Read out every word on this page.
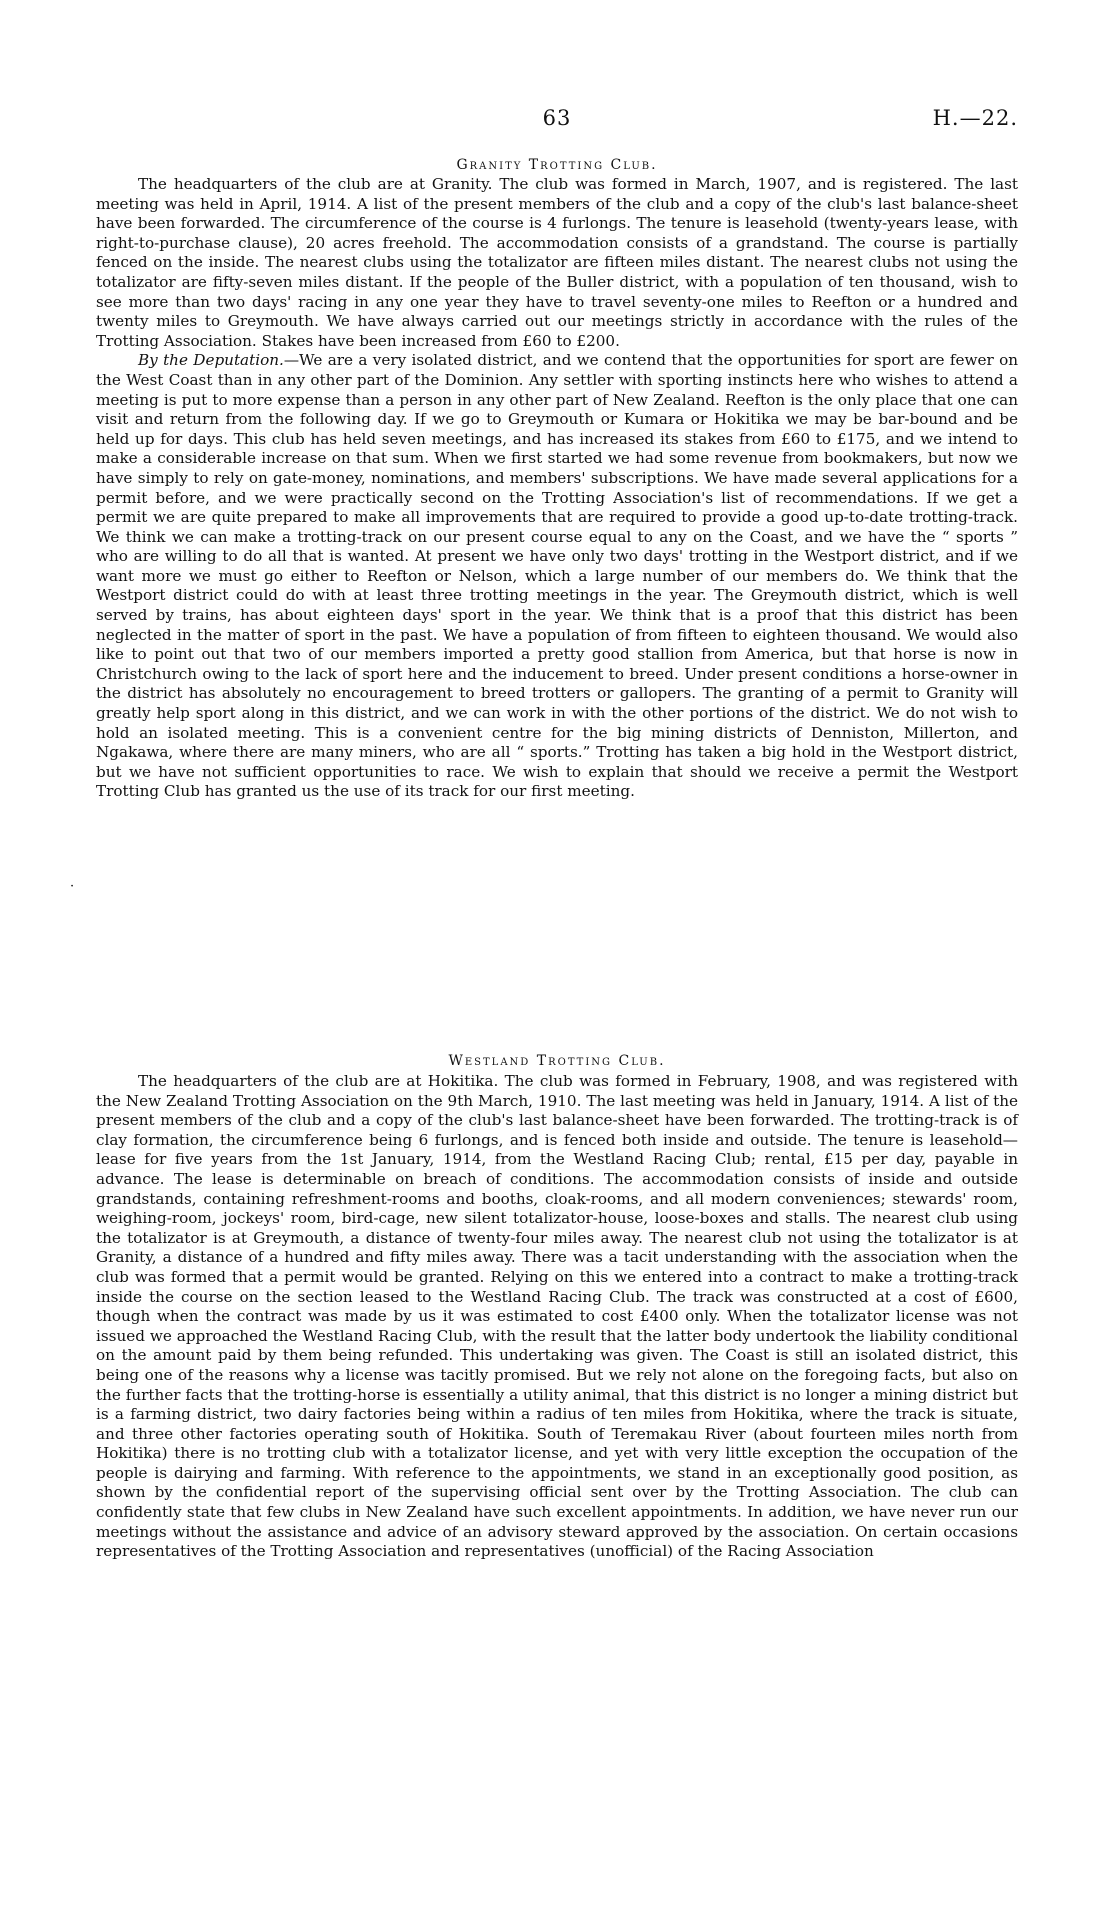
63	H.—22.
Granity Trotting Club.

The headquarters of the club are at Granity. The club was formed in March, 1907, and is registered. The last meeting was held in April, 1914. A list of the present members of the club and a copy of the club's last balance-sheet have been forwarded. The circumference of the course is 4 furlongs. The tenure is leasehold (twenty-years lease, with right-to-purchase clause), 20 acres freehold. The accommodation consists of a grandstand. The course is partially fenced on the inside. The nearest clubs using the totalizator are fifteen miles distant. The nearest clubs not using the totalizator are fifty-seven miles distant. If the people of the Buller district, with a population of ten thousand, wish to see more than two days' racing in any one year they have to travel seventy-one miles to Reefton or a hundred and twenty miles to Greymouth. We have always carried out our meetings strictly in accordance with the rules of the Trotting Association. Stakes have been increased from £60 to £200.

By the Deputation.—We are a very isolated district, and we contend that the opportunities for sport are fewer on the West Coast than in any other part of the Dominion. Any settler with sporting instincts here who wishes to attend a meeting is put to more expense than a person in any other part of New Zealand. Reefton is the only place that one can visit and return from the following day. If we go to Greymouth or Kumara or Hokitika we may be bar-bound and be held up for days. This club has held seven meetings, and has increased its stakes from £60 to £175, and we intend to make a considerable increase on that sum. When we first started we had some revenue from bookmakers, but now we have simply to rely on gate-money, nominations, and members' subscriptions. We have made several applications for a permit before, and we were practically second on the Trotting Association's list of recommendations. If we get a permit we are quite prepared to make all improvements that are required to provide a good up-to-date trotting-track. We think we can make a trotting-track on our present course equal to any on the Coast, and we have the “ sports ” who are willing to do all that is wanted. At present we have only two days' trotting in the Westport district, and if we want more we must go either to Reefton or Nelson, which a large number of our members do. We think that the Westport district could do with at least three trotting meetings in the year. The Greymouth district, which is well served by trains, has about eighteen days' sport in the year. We think that is a proof that this district has been neglected in the matter of sport in the past. We have a population of from fifteen to eighteen thousand. We would also like to point out that two of our members imported a pretty good stallion from America, but that horse is now in Christchurch owing to the lack of sport here and the inducement to breed. Under present conditions a horse-owner in the district has absolutely no encouragement to breed trotters or gallopers. The granting of a permit to Granity will greatly help sport along in this district, and we can work in with the other portions of the district. We do not wish to hold an isolated meeting. This is a convenient centre for the big mining districts of Denniston, Millerton, and Ngakawa, where there are many miners, who are all “ sports.” Trotting has taken a big hold in the Westport district, but we have not sufficient opportunities to race. We wish to explain that should we receive a permit the Westport Trotting Club has granted us the use of its track for our first meeting.

·
Westland Trotting Club.

The headquarters of the club are at Hokitika. The club was formed in February, 1908, and was registered with the New Zealand Trotting Association on the 9th March, 1910. The last meeting was held in January, 1914. A list of the present members of the club and a copy of the club's last balance-sheet have been forwarded. The trotting-track is of clay formation, the circumference being 6 furlongs, and is fenced both inside and outside. The tenure is leasehold—lease for five years from the 1st January, 1914, from the Westland Racing Club; rental, £15 per day, payable in advance. The lease is determinable on breach of conditions. The accommodation consists of inside and outside grandstands, containing refreshment-rooms and booths, cloak-rooms, and all modern conveniences; stewards' room, weighing-room, jockeys' room, bird-cage, new silent totalizator-house, loose-boxes and stalls. The nearest club using the totalizator is at Greymouth, a distance of twenty-four miles away. The nearest club not using the totalizator is at Granity, a distance of a hundred and fifty miles away. There was a tacit understanding with the association when the club was formed that a permit would be granted. Relying on this we entered into a contract to make a trotting-track inside the course on the section leased to the Westland Racing Club. The track was constructed at a cost of £600, though when the contract was made by us it was estimated to cost £400 only. When the totalizator license was not issued we approached the Westland Racing Club, with the result that the latter body undertook the liability conditional on the amount paid by them being refunded. This undertaking was given. The Coast is still an isolated district, this being one of the reasons why a license was tacitly promised. But we rely not alone on the foregoing facts, but also on the further facts that the trotting-horse is essentially a utility animal, that this district is no longer a mining district but is a farming district, two dairy factories being within a radius of ten miles from Hokitika, where the track is situate, and three other factories operating south of Hokitika. South of Teremakau River (about fourteen miles north from Hokitika) there is no trotting club with a totalizator license, and yet with very little exception the occupation of the people is dairying and farming. With reference to the appointments, we stand in an exceptionally good position, as shown by the confidential report of the supervising official sent over by the Trotting Association. The club can confidently state that few clubs in New Zealand have such excellent appointments. In addition, we have never run our meetings without the assistance and advice of an advisory steward approved by the association. On certain occasions representatives of the Trotting Association and representatives (unofficial) of the Racing Association
